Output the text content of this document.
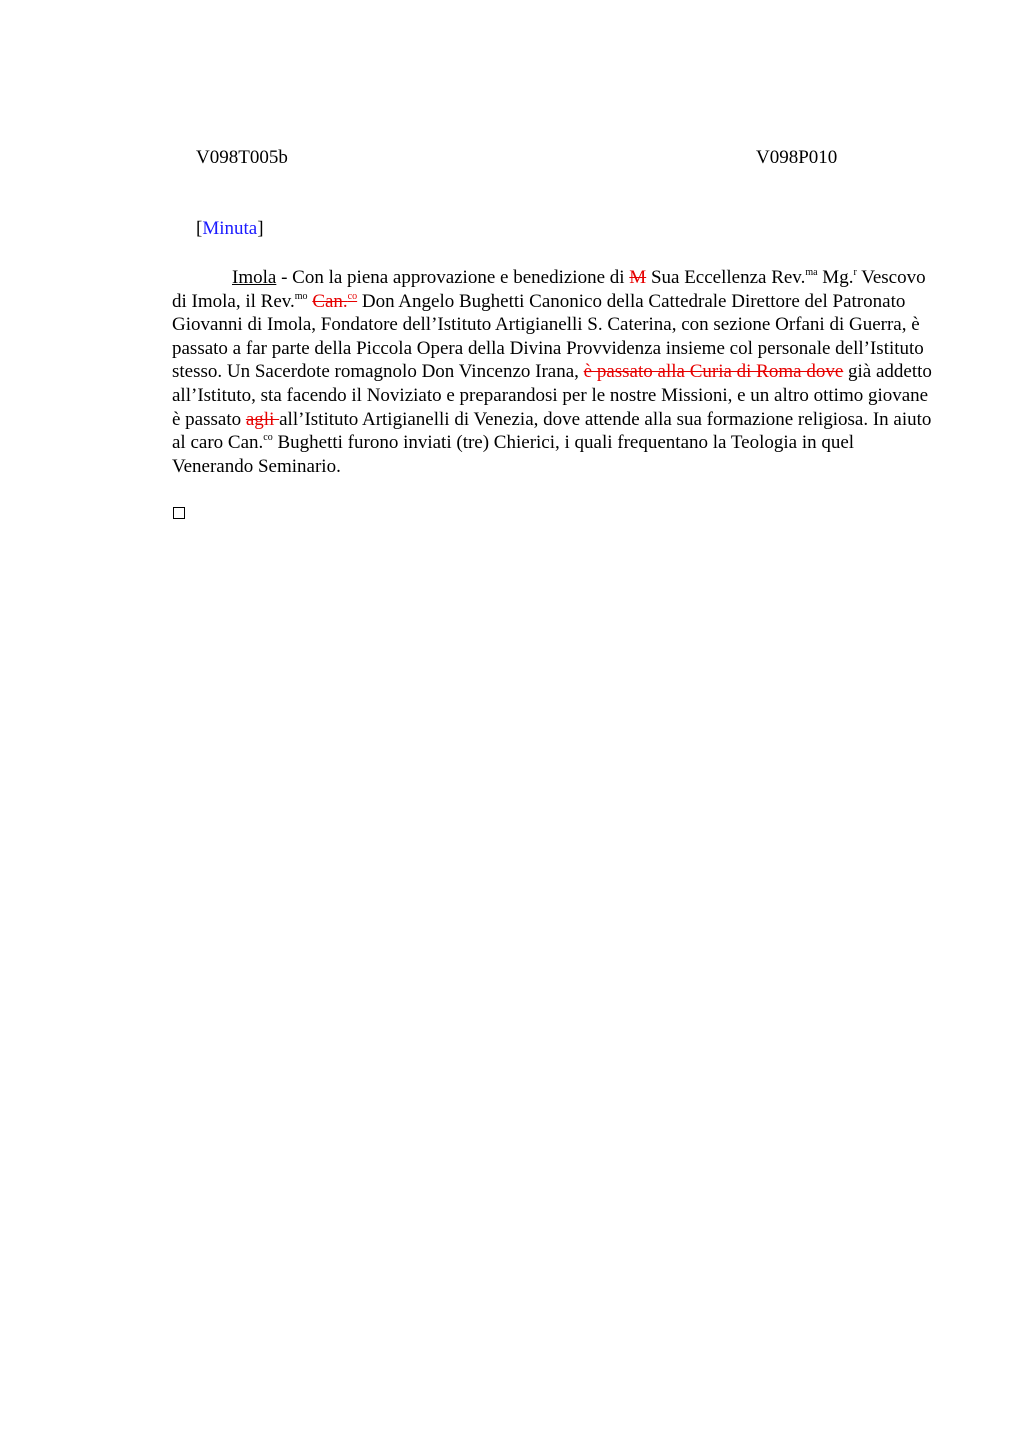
V098T005b	V098P010
[Minuta]
Imola - Con la piena approvazione e benedizione di M Sua Eccellenza Rev.$^{ma}$ Mg.$^r$ Vescovo di Imola, il Rev.$^{mo}$ Can.$^{co}$ Don Angelo Bughetti Canonico della Cattedrale Direttore del Patronato Giovanni di Imola, Fondatore dell’Istituto Artigianelli S. Caterina, con sezione Orfani di Guerra, è passato a far parte della Piccola Opera della Divina Provvidenza insieme col personale dell’Istituto stesso. Un Sacerdote romagnolo Don Vincenzo Irana, è passato alla Curia di Roma dove già addetto all’Istituto, sta facendo il Noviziato e preparandosi per le nostre Missioni, e un altro ottimo giovane è passato agli all’Istituto Artigianelli di Venezia, dove attende alla sua formazione religiosa. In aiuto al caro Can.$^{co}$ Bughetti furono inviati (tre) Chierici, i quali frequentano la Teologia in quel Venerando Seminario.
